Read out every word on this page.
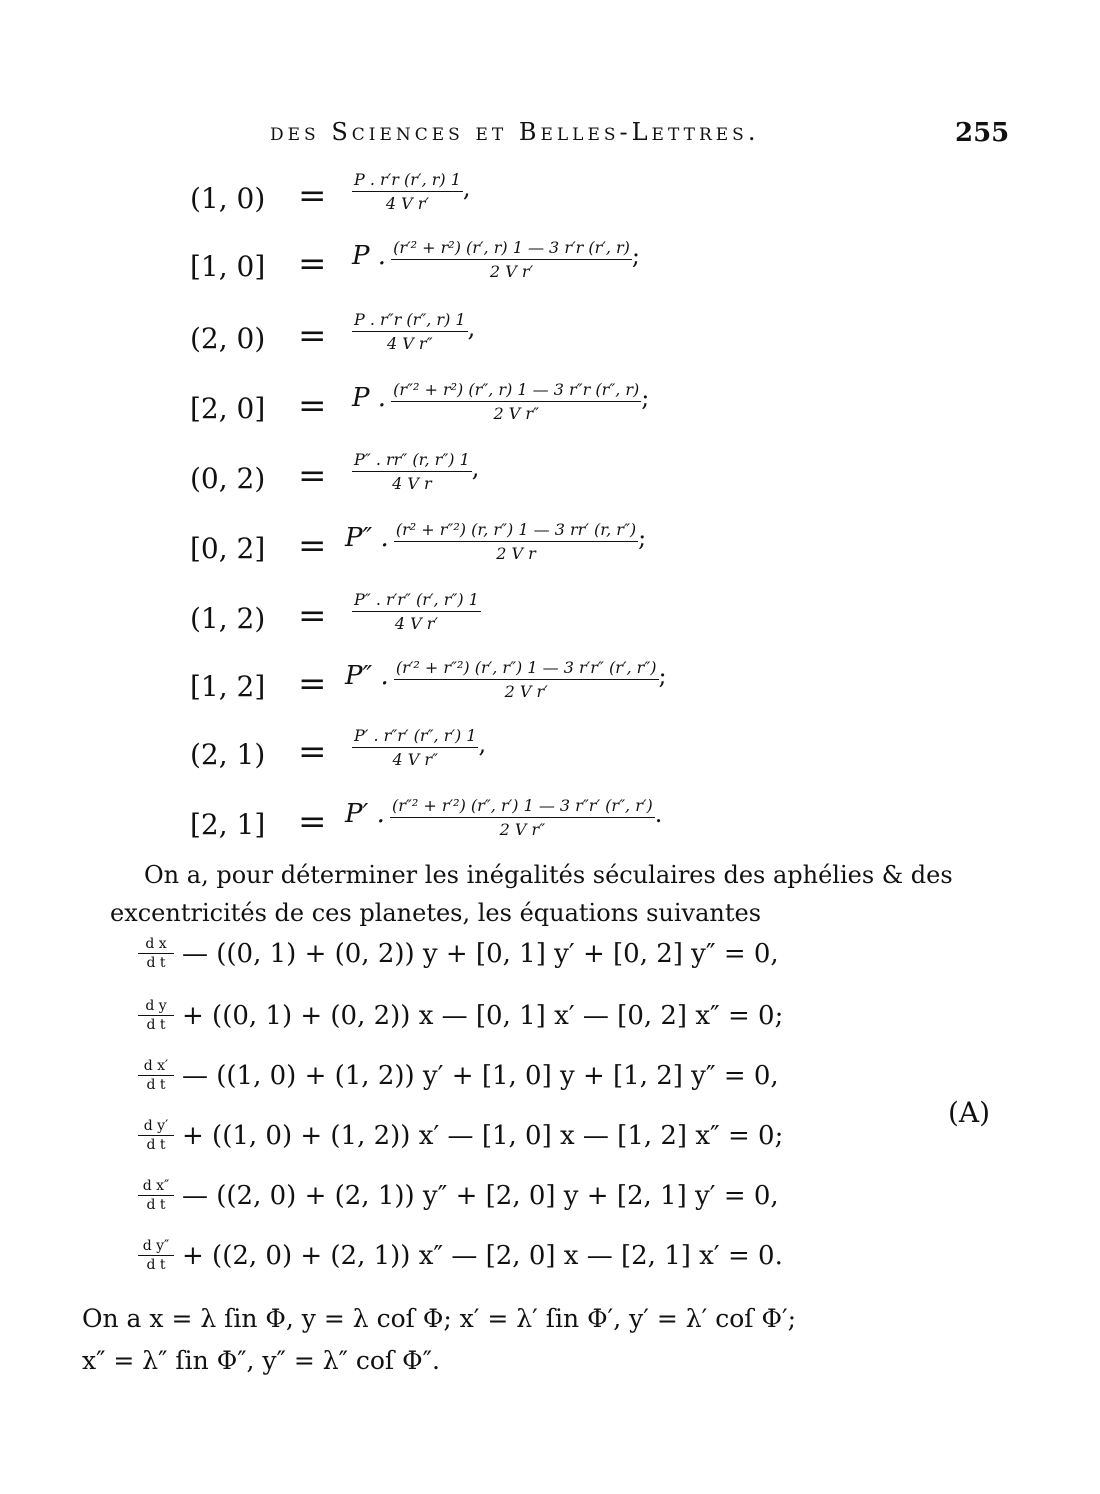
des Sciences et Belles-Lettres.	255
(1, $0) = \frac{P . r'r (r', r) 1}{\text{4 V r′}}$ ,
[1, 0] = P . $\frac{\text{(r′² + r²) (r′, r) 1 — 3 r′r (r′, r)}}{\text{2 V r′}}$ ;
(2, $0) = \frac{P . r''r (r'', r) 1}{\text{4 V r″}}$ ,
[2, 0] = P . $\frac{\text{(r″² + r²) (r″, r) 1 — 3 r″r (r″, r)}}{\text{2 V r″}}$ ;
(0, $2) = \frac{P'' . rr'' (r, r'') 1}{\text{4 V r}}$ ,
[0, 2] = P″ . $\frac{\text{(r² + r″²) (r, r″) 1 — 3 rr′ (r, r″)}}{\text{2 V r}}$ ;
(1, $2) = \frac{P'' . r'r'' (r', r'') 1}{\text{4 V r′}}$
[1, 2] = P″ . $\frac{\text{(r′² + r″²) (r′, r″) 1 — 3 r′r″ (r′, r″)}}{\text{2 V r′}}$ ;
(2, $1) = \frac{P' . r''r' (r'', r') 1}{\text{4 V r″}}$ ,
[2, 1] = P′ . $\frac{\text{(r″² + r′²) (r″, r′) 1 — 3 r″r′ (r″, r′)}}{\text{2 V r″}}$ .
On a, pour déterminer les inégalités séculaires des aphélies & des excentricités de ces planetes, les équations suivantes
$\frac{\text{d x}}{\text{d t}}$ — ((0, 1) + (0, 2)) y + [0, 1] y′ + [0, 2] y″ = 0,
$\frac{\text{d y}}{\text{d t}} + ((0$, 1) + (0, 2)) x — [0, 1] x′ — [0, 2] x″ = 0;
$\frac{\text{d x′}}{\text{d t}}$ — ((1, 0) + (1, 2)) y′ + [1, 0] y + [1, 2] y″ = 0,
$\frac{\text{d y′}}{\text{d t}} + ((1$, 0) + (1, 2)) x′ — [1, 0] x — [1, 2] x″ = 0;
$\frac{\text{d x″}}{\text{d t}}$ — ((2, 0) + (2, 1)) y″ + [2, 0] y + [2, 1] y′ = 0,
$\frac{\text{d y″}}{\text{d t}} + ((2$, 0) + (2, 1)) x″ — [2, 0] x — [2, 1] x′ = 0.
(A)
On a x = λ ſin Φ, y = λ coſ Φ; x′ = λ′ ſin Φ′, y′ = λ′ coſ Φ′;
x″ = λ″ ſin Φ″, y″ = λ″ coſ Φ″.
